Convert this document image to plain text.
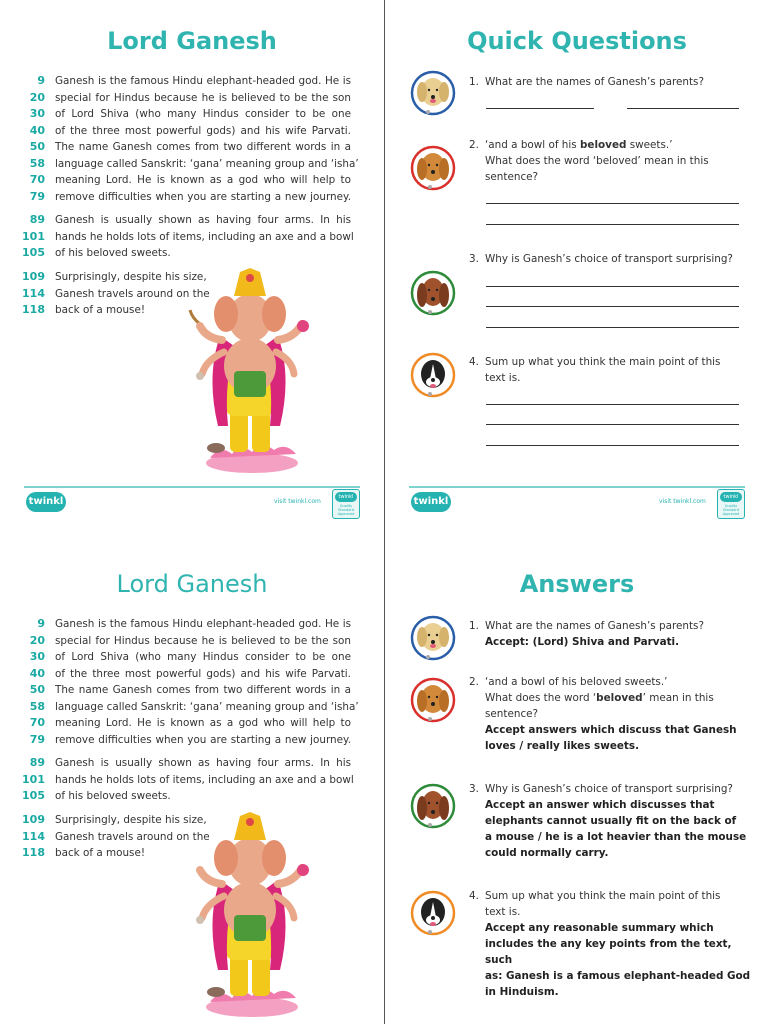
Lord Ganesh
9 Ganesh is the famous Hindu elephant-headed god. He is
20 special for Hindus because he is believed to be the son
30 of Lord Shiva (who many Hindus consider to be one
40 of the three most powerful gods) and his wife Parvati.
50 The name Ganesh comes from two different words in a
58 language called Sanskrit: ‘gana’ meaning group and ‘isha’
70 meaning Lord. He is known as a god who will help to
79 remove difficulties when you are starting a new journey.
89 Ganesh is usually shown as having four arms. In his
101 hands he holds lots of items, including an axe and a bowl
105 of his beloved sweets.
109 Surprisingly, despite his size,
114 Ganesh travels around on the
118 back of a mouse!
twinkl	visit twinkl.com
twinkl
Quality Standard Approved
Quick Questions
1. What are the names of Ganesh’s parents?
2. ‘and a bowl of his beloved sweets.’
What does the word ‘beloved’ mean in this
sentence?
3. Why is Ganesh’s choice of transport surprising?
4. Sum up what you think the main point of this
text is.
twinkl	visit twinkl.com
twinkl
Quality Standard Approved
Lord Ganesh
9 Ganesh is the famous Hindu elephant-headed god. He is
20 special for Hindus because he is believed to be the son
30 of Lord Shiva (who many Hindus consider to be one
40 of the three most powerful gods) and his wife Parvati.
50 The name Ganesh comes from two different words in a
58 language called Sanskrit: ‘gana’ meaning group and ‘isha’
70 meaning Lord. He is known as a god who will help to
79 remove difficulties when you are starting a new journey.
89 Ganesh is usually shown as having four arms. In his
101 hands he holds lots of items, including an axe and a bowl
105 of his beloved sweets.
109 Surprisingly, despite his size,
114 Ganesh travels around on the
118 back of a mouse!
Answers
1. What are the names of Ganesh’s parents?
Accept: (Lord) Shiva and Parvati.
2. ‘and a bowl of his beloved sweets.’
What does the word ‘beloved’ mean in this
sentence?
Accept answers which discuss that Ganesh
loves / really likes sweets.
3. Why is Ganesh’s choice of transport surprising?
Accept an answer which discusses that
elephants cannot usually fit on the back of
a mouse / he is a lot heavier than the mouse
could normally carry.
4. Sum up what you think the main point of this
text is.
Accept any reasonable summary which
includes the any key points from the text, such
as: Ganesh is a famous elephant-headed God
in Hinduism.
